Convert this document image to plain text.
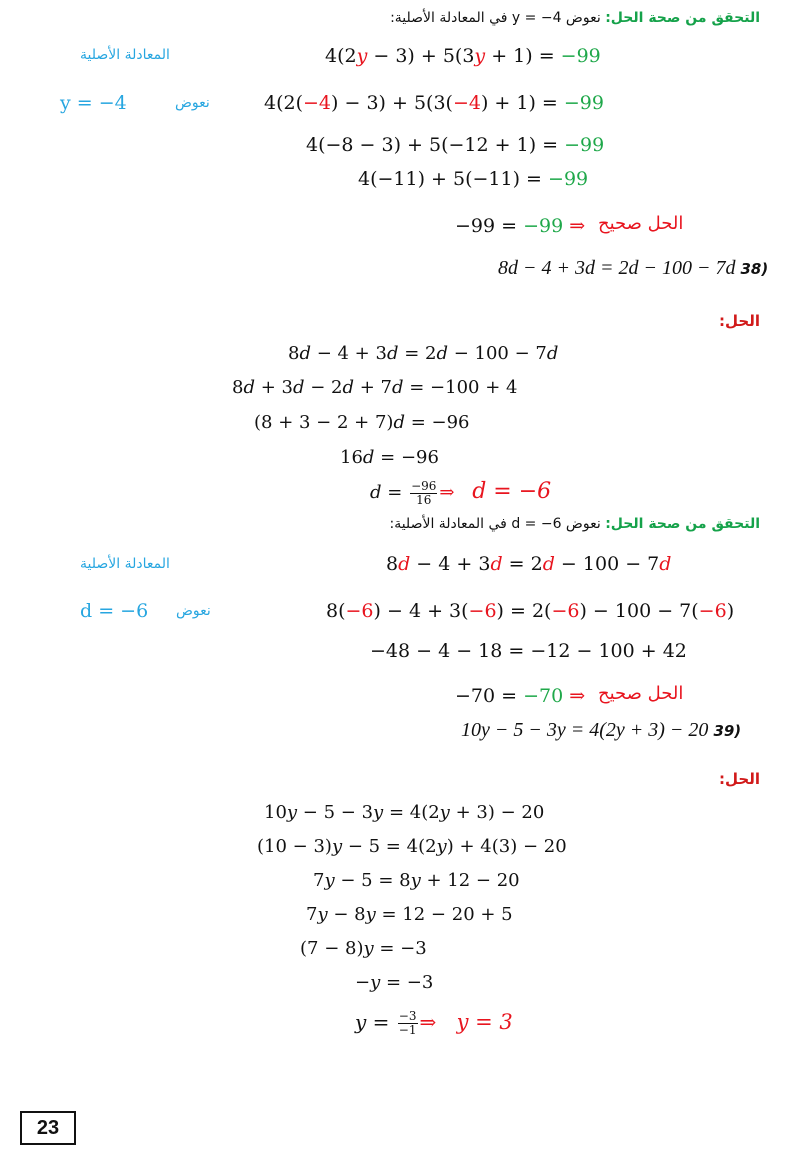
التحقق من صحة الحل: نعوض y = −4 في المعادلة الأصلية:
المعادلة الأصلية	4(2y − 3) + 5(3y + 1) = −99
y = −4	نعوض	4(2(−4) − 3) + 5(3(−4) + 1) = −99
4(−8 − 3) + 5(−12 + 1) = −99
4(−11) + 5(−11) = −99
−99 = −99 ⇒ الحل صحيح
8d − 4 + 3d = 2d − 100 − 7d 38)
الحل:
8d − 4 + 3d = 2d − 100 − 7d
8d + 3d − 2d + 7d = −100 + 4
(8 + 3 − 2 + 7)d = −96
16d = −96
$d = \frac{-96}{16}$ ⇒ d = −6
التحقق من صحة الحل: نعوض d = −6 في المعادلة الأصلية:
المعادلة الأصلية	8d − 4 + 3d = 2d − 100 − 7d
d = −6 نعوض	8(−6) − 4 + 3(−6) = 2(−6) − 100 − 7(−6)
−48 − 4 − 18 = −12 − 100 + 42
−70 = −70 ⇒ الحل صحيح
10y − 5 − 3y = 4(2y + 3) − 20 39)
الحل:
10y − 5 − 3y = 4(2y + 3) − 20
(10 − 3)y − 5 = 4(2y) + 4(3) − 20
7y − 5 = 8y + 12 − 20
7y − 8y = 12 − 20 + 5
(7 − 8)y = −3
−y = −3
$y = \frac{-3}{-1}$ ⇒ y = 3
23
